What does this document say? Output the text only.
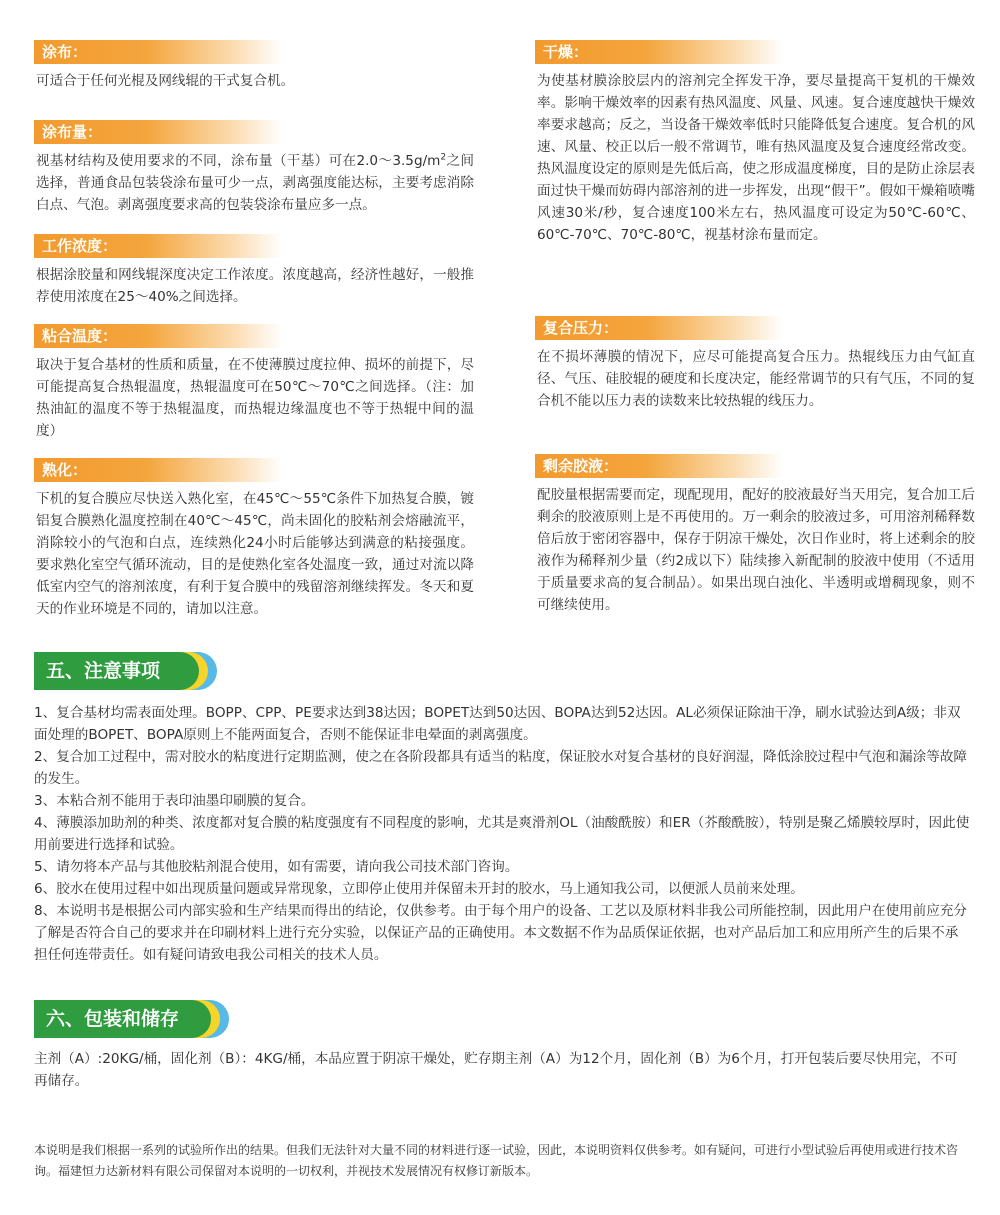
涂布：

可适合于任何光棍及网线辊的干式复合机。

涂布量：

视基材结构及使用要求的不同，涂布量（干基）可在$2.0\sim 3.5g/m^2$之间选择，普通食品包装袋涂布量可少一点，剥离强度能达标，主要考虑消除白点、气泡。剥离强度要求高的包装袋涂布量应多一点。

工作浓度：

根据涂胶量和网线辊深度决定工作浓度。浓度越高，经济性越好，一般推荐使用浓度在25～40%之间选择。

粘合温度：

取决于复合基材的性质和质量，在不使薄膜过度拉伸、损坏的前提下，尽可能提高复合热辊温度，热辊温度可在50℃～70℃之间选择。（注：加热油缸的温度不等于热辊温度，而热辊边缘温度也不等于热辊中间的温度）

熟化：

下机的复合膜应尽快送入熟化室，在45℃～55℃条件下加热复合膜，镀铝复合膜熟化温度控制在40℃～45℃，尚未固化的胶粘剂会熔融流平，消除较小的气泡和白点，连续熟化24小时后能够达到满意的粘接强度。要求熟化室空气循环流动，目的是使熟化室各处温度一致，通过对流以降低室内空气的溶剂浓度，有利于复合膜中的残留溶剂继续挥发。冬天和夏天的作业环境是不同的，请加以注意。

干燥：

为使基材膜涂胶层内的溶剂完全挥发干净，要尽量提高干复机的干燥效率。影响干燥效率的因素有热风温度、风量、风速。复合速度越快干燥效率要求越高；反之，当设备干燥效率低时只能降低复合速度。复合机的风速、风量、校正以后一般不常调节，唯有热风温度及复合速度经常改变。热风温度设定的原则是先低后高，使之形成温度梯度，目的是防止涂层表面过快干燥而妨碍内部溶剂的进一步挥发，出现“假干”。假如干燥箱喷嘴风速30米/秒，复合速度100米左右，热风温度可设定为50℃-60℃、60℃-70℃、70℃-80℃，视基材涂布量而定。

复合压力：

在不损坏薄膜的情况下，应尽可能提高复合压力。热辊线压力由气缸直径、气压、硅胶辊的硬度和长度决定，能经常调节的只有气压，不同的复合机不能以压力表的读数来比较热辊的线压力。

剩余胶液：

配胶量根据需要而定，现配现用，配好的胶液最好当天用完，复合加工后剩余的胶液原则上是不再使用的。万一剩余的胶液过多，可用溶剂稀释数倍后放于密闭容器中，保存于阴凉干燥处，次日作业时，将上述剩余的胶液作为稀释剂少量（约2成以下）陆续掺入新配制的胶液中使用（不适用于质量要求高的复合制品）。如果出现白浊化、半透明或增稠现象，则不可继续使用。

五、注意事项

1、复合基材均需表面处理。BOPP、CPP、PE要求达到38达因；BOPET达到50达因、BOPA达到52达因。AL必须保证除油干净，刷水试验达到A级；非双面处理的BOPET、BOPA原则上不能两面复合，否则不能保证非电晕面的剥离强度。

2、复合加工过程中，需对胶水的粘度进行定期监测，使之在各阶段都具有适当的粘度，保证胶水对复合基材的良好润湿，降低涂胶过程中气泡和漏涂等故障的发生。

3、本粘合剂不能用于表印油墨印刷膜的复合。

4、薄膜添加助剂的种类、浓度都对复合膜的粘度强度有不同程度的影响，尤其是爽滑剂OL（油酸酰胺）和ER（芥酸酰胺），特别是聚乙烯膜较厚时，因此使用前要进行选择和试验。

5、请勿将本产品与其他胶粘剂混合使用，如有需要，请向我公司技术部门咨询。

6、胶水在使用过程中如出现质量问题或异常现象，立即停止使用并保留未开封的胶水，马上通知我公司，以便派人员前来处理。

8、本说明书是根据公司内部实验和生产结果而得出的结论，仅供参考。由于每个用户的设备、工艺以及原材料非我公司所能控制，因此用户在使用前应充分了解是否符合自己的要求并在印刷材料上进行充分实验，以保证产品的正确使用。本文数据不作为品质保证依据，也对产品后加工和应用所产生的后果不承担任何连带责任。如有疑问请致电我公司相关的技术人员。

六、包装和储存

主剂（A）:20KG/桶，固化剂（B）：4KG/桶，本品应置于阴凉干燥处，贮存期主剂（A）为12个月，固化剂（B）为6个月，打开包装后要尽快用完，不可再储存。

本说明是我们根据一系列的试验所作出的结果。但我们无法针对大量不同的材料进行逐一试验，因此，本说明资料仅供参考。如有疑问，可进行小型试验后再使用或进行技术咨询。福建恒力达新材料有限公司保留对本说明的一切权利，并视技术发展情况有权修订新版本。
